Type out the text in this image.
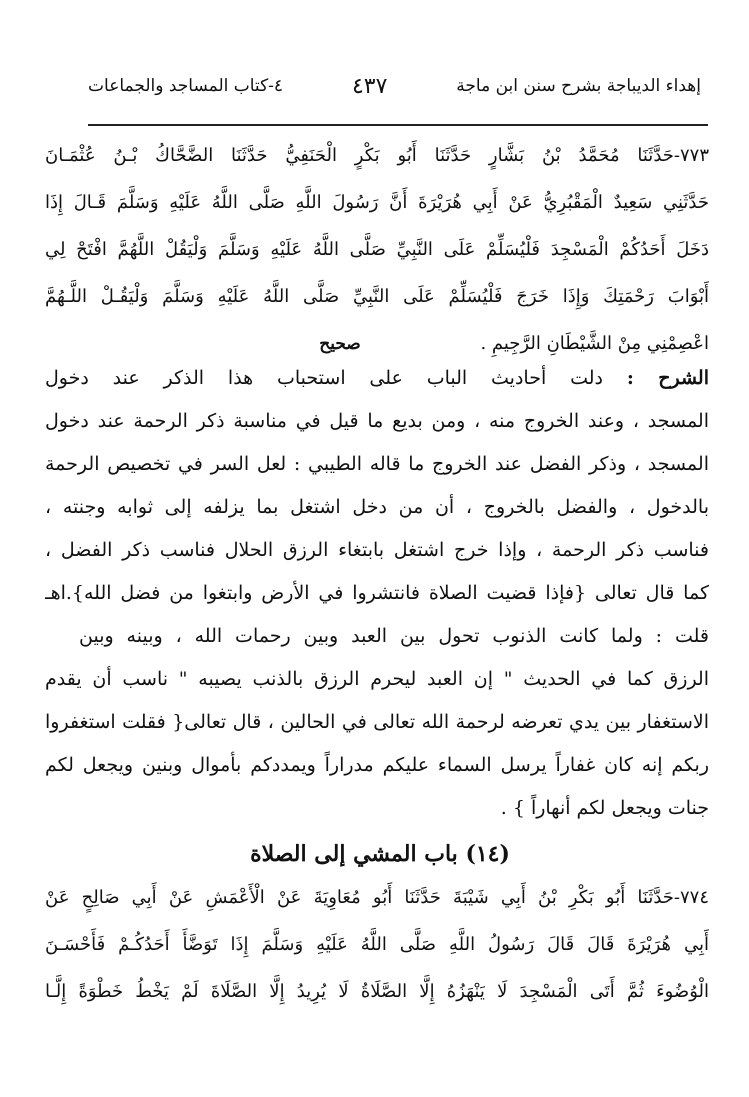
إهداء الديباجة بشرح سنن ابن ماجة
٤٣٧
٤-كتاب المساجد والجماعات
٧٧٣-حَدَّثَنَا مُحَمَّدُ بْنُ بَشَّارٍ حَدَّثَنَا أَبُو بَكْرٍ الْحَنَفِيُّ حَدَّثَنَا الضَّحَّاكُ بْـنُ عُثْمَـانَ
حَدَّثَنِي سَعِيدٌ الْمَقْبُرِيُّ عَنْ أَبِي هُرَيْرَةَ أَنَّ رَسُولَ اللَّهِ صَلَّى اللَّهُ عَلَيْهِ وَسَلَّمَ قَـالَ إِذَا
دَخَلَ أَحَدُكُمْ الْمَسْجِدَ فَلْيُسَلِّمْ عَلَى النَّبِيِّ صَلَّى اللَّهُ عَلَيْهِ وَسَلَّمَ وَلْيَقُلْ اللَّهُمَّ افْتَحْ لِي
أَبْوَابَ رَحْمَتِكَ وَإِذَا خَرَجَ فَلْيُسَلِّمْ عَلَى النَّبِيِّ صَلَّى اللَّهُ عَلَيْهِ وَسَلَّمَ وَلْيَقُـلْ اللَّـهُمَّ
اعْصِمْنِي مِنْ الشَّيْطَانِ الرَّجِيمِ .
صحيح
الشرح : دلت أحاديث الباب على استحباب هذا الذكر عند دخول
المسجد ، وعند الخروج منه ، ومن بديع ما قيل في مناسبة ذكر الرحمة عند دخول
المسجد ، وذكر الفضل عند الخروج ما قاله الطيبي : لعل السر في تخصيص الرحمة
بالدخول ، والفضل بالخروج ، أن من دخل اشتغل بما يزلفه إلى ثوابه وجنته ،
فناسب ذكر الرحمة ، وإذا خرج اشتغل بابتغاء الرزق الحلال فناسب ذكر الفضل ،
كما قال تعالى {فإذا قضيت الصلاة فانتشروا في الأرض وابتغوا من فضل الله}.اهـ
قلت : ولما كانت الذنوب تحول بين العبد وبين رحمات الله ، وبينه وبين
الرزق كما في الحديث " إن العبد ليحرم الرزق بالذنب يصيبه " ناسب أن يقدم
الاستغفار بين يدي تعرضه لرحمة الله تعالى في الحالين ، قال تعالى{ فقلت استغفروا
ربكم إنه كان غفاراً يرسل السماء عليكم مدراراً ويمددكم بأموال وبنين ويجعل لكم
جنات ويجعل لكم أنهاراً } .
(١٤) باب المشي إلى الصلاة
٧٧٤-حَدَّثَنَا أَبُو بَكْرِ بْنُ أَبِي شَيْبَةَ حَدَّثَنَا أَبُو مُعَاوِيَةَ عَنْ الْأَعْمَشِ عَنْ أَبِي صَالِحٍ عَنْ
أَبِي هُرَيْرَةَ قَالَ قَالَ رَسُولُ اللَّهِ صَلَّى اللَّهُ عَلَيْهِ وَسَلَّمَ إِذَا تَوَضَّأَ أَحَدُكُـمْ فَأَحْسَـنَ
الْوُضُوءَ ثُمَّ أَتَى الْمَسْجِدَ لَا يَنْهَزُهُ إِلَّا الصَّلَاةُ لَا يُرِيدُ إِلَّا الصَّلَاةَ لَمْ يَخْطُ خَطْوَةً إِلَّـا
